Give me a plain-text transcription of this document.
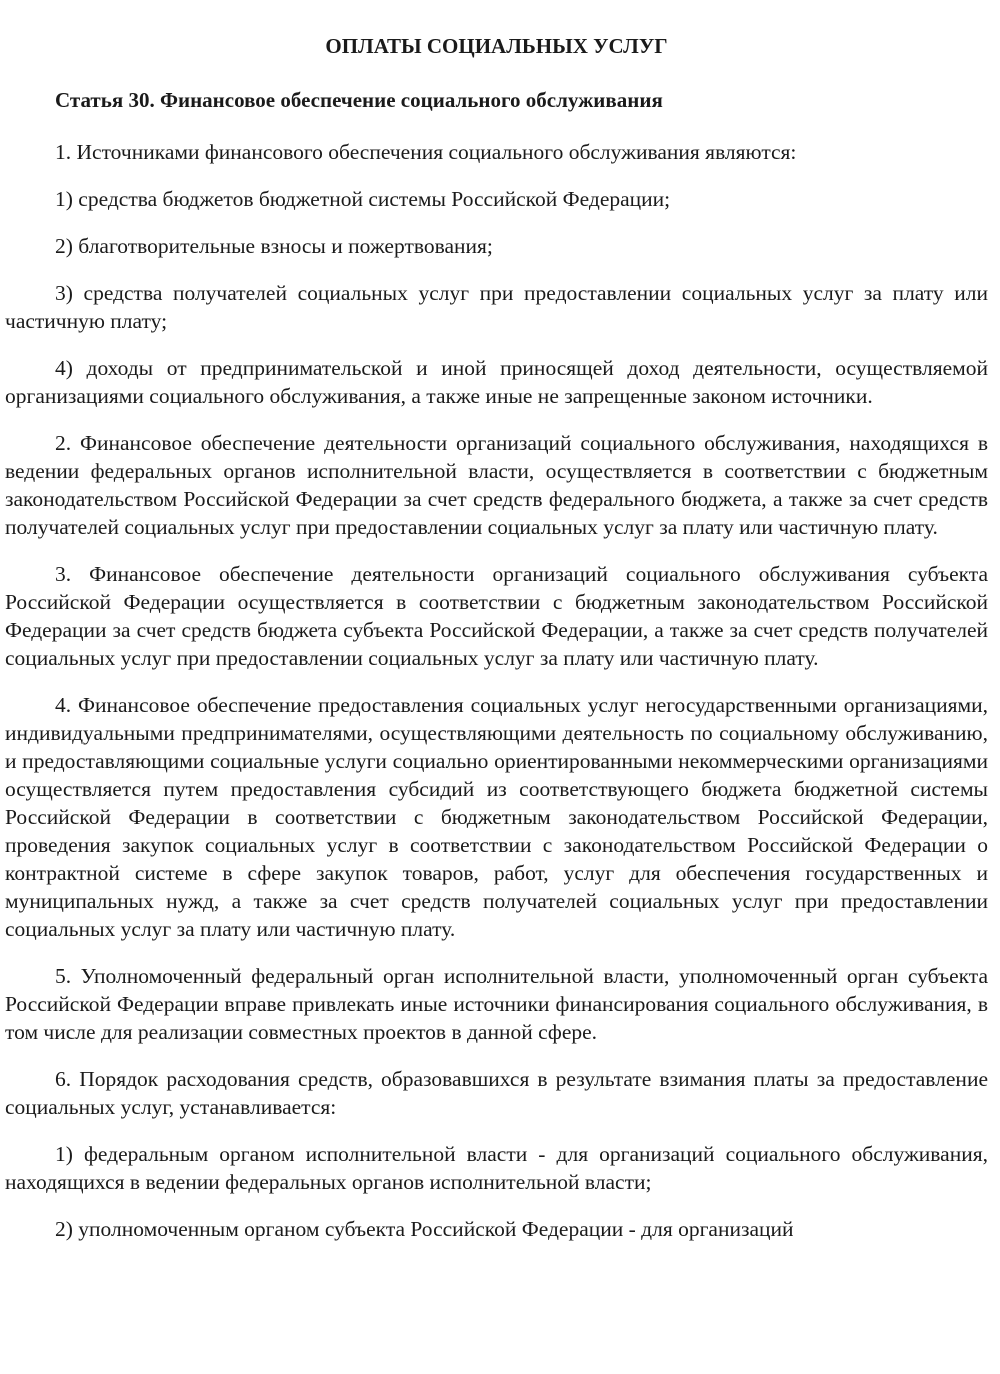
ОПЛАТЫ СОЦИАЛЬНЫХ УСЛУГ
Статья 30. Финансовое обеспечение социального обслуживания

1. Источниками финансового обеспечения социального обслуживания являются:

1) средства бюджетов бюджетной системы Российской Федерации;

2) благотворительные взносы и пожертвования;

3) средства получателей социальных услуг при предоставлении социальных услуг за плату или частичную плату;

4) доходы от предпринимательской и иной приносящей доход деятельности, осуществляемой организациями социального обслуживания, а также иные не запрещенные законом источники.

2. Финансовое обеспечение деятельности организаций социального обслуживания, находящихся в ведении федеральных органов исполнительной власти, осуществляется в соответствии с бюджетным законодательством Российской Федерации за счет средств федерального бюджета, а также за счет средств получателей социальных услуг при предоставлении социальных услуг за плату или частичную плату.

3. Финансовое обеспечение деятельности организаций социального обслуживания субъекта Российской Федерации осуществляется в соответствии с бюджетным законодательством Российской Федерации за счет средств бюджета субъекта Российской Федерации, а также за счет средств получателей социальных услуг при предоставлении социальных услуг за плату или частичную плату.

4. Финансовое обеспечение предоставления социальных услуг негосударственными организациями, индивидуальными предпринимателями, осуществляющими деятельность по социальному обслуживанию, и предоставляющими социальные услуги социально ориентированными некоммерческими организациями осуществляется путем предоставления субсидий из соответствующего бюджета бюджетной системы Российской Федерации в соответствии с бюджетным законодательством Российской Федерации, проведения закупок социальных услуг в соответствии с законодательством Российской Федерации о контрактной системе в сфере закупок товаров, работ, услуг для обеспечения государственных и муниципальных нужд, а также за счет средств получателей социальных услуг при предоставлении социальных услуг за плату или частичную плату.

5. Уполномоченный федеральный орган исполнительной власти, уполномоченный орган субъекта Российской Федерации вправе привлекать иные источники финансирования социального обслуживания, в том числе для реализации совместных проектов в данной сфере.

6. Порядок расходования средств, образовавшихся в результате взимания платы за предоставление социальных услуг, устанавливается:

1) федеральным органом исполнительной власти - для организаций социального обслуживания, находящихся в ведении федеральных органов исполнительной власти;

2) уполномоченным органом субъекта Российской Федерации - для организаций
